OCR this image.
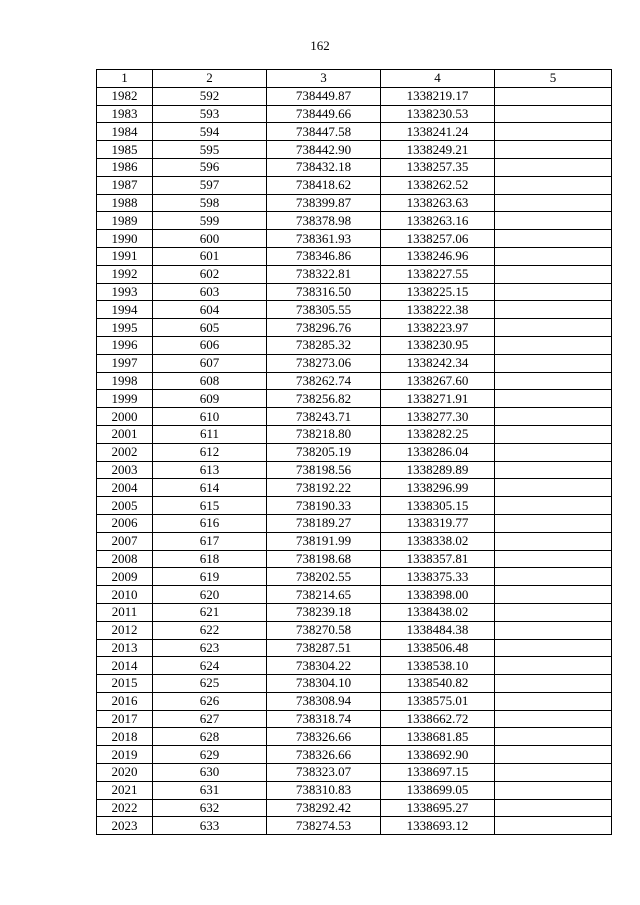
162
1	2	3	4	5
1982	592	738449.87	1338219.17	
1983	593	738449.66	1338230.53	
1984	594	738447.58	1338241.24	
1985	595	738442.90	1338249.21	
1986	596	738432.18	1338257.35	
1987	597	738418.62	1338262.52	
1988	598	738399.87	1338263.63	
1989	599	738378.98	1338263.16	
1990	600	738361.93	1338257.06	
1991	601	738346.86	1338246.96	
1992	602	738322.81	1338227.55	
1993	603	738316.50	1338225.15	
1994	604	738305.55	1338222.38	
1995	605	738296.76	1338223.97	
1996	606	738285.32	1338230.95	
1997	607	738273.06	1338242.34	
1998	608	738262.74	1338267.60	
1999	609	738256.82	1338271.91	
2000	610	738243.71	1338277.30	
2001	611	738218.80	1338282.25	
2002	612	738205.19	1338286.04	
2003	613	738198.56	1338289.89	
2004	614	738192.22	1338296.99	
2005	615	738190.33	1338305.15	
2006	616	738189.27	1338319.77	
2007	617	738191.99	1338338.02	
2008	618	738198.68	1338357.81	
2009	619	738202.55	1338375.33	
2010	620	738214.65	1338398.00	
2011	621	738239.18	1338438.02	
2012	622	738270.58	1338484.38	
2013	623	738287.51	1338506.48	
2014	624	738304.22	1338538.10	
2015	625	738304.10	1338540.82	
2016	626	738308.94	1338575.01	
2017	627	738318.74	1338662.72	
2018	628	738326.66	1338681.85	
2019	629	738326.66	1338692.90	
2020	630	738323.07	1338697.15	
2021	631	738310.83	1338699.05	
2022	632	738292.42	1338695.27	
2023	633	738274.53	1338693.12	
